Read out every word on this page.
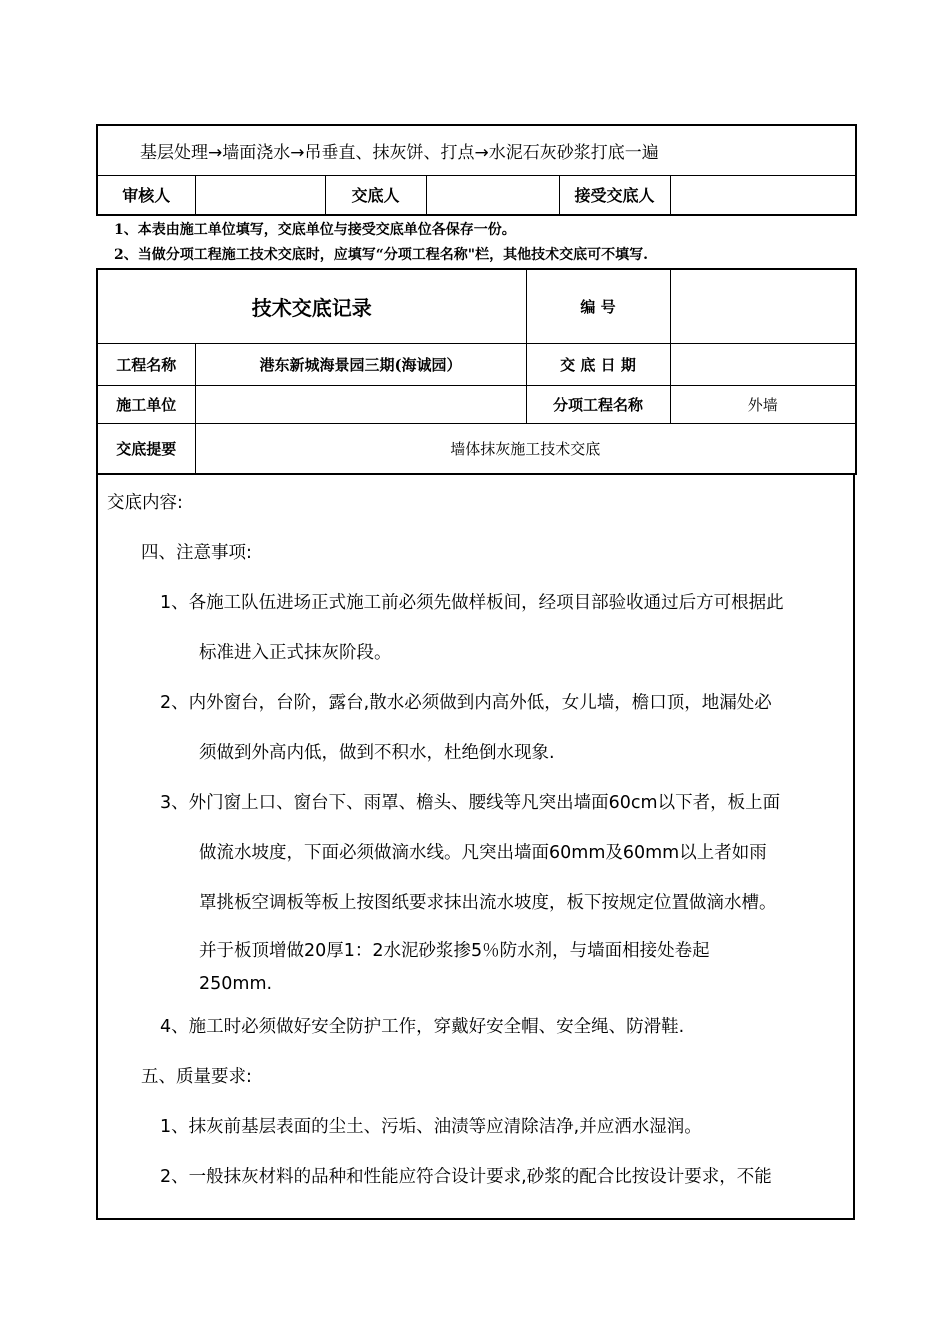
基层处理→墙面浇水→吊垂直、抹灰饼、打点→水泥石灰砂浆打底一遍
审核人		交底人		接受交底人	
1、本表由施工单位填写，交底单位与接受交底单位各保存一份。
2、当做分项工程施工技术交底时，应填写“分项工程名称"栏，其他技术交底可不填写.
技术交底记录		编 号	
工程名称	港东新城海景园三期(海诚园）	交 底 日 期	
施工单位		分项工程名称	外墙
交底提要	墙体抹灰施工技术交底		
交底内容:
四、注意事项:
1、各施工队伍进场正式施工前必须先做样板间，经项目部验收通过后方可根据此
标准进入正式抹灰阶段。
2、内外窗台，台阶，露台,散水必须做到内高外低，女儿墙，檐口顶，地漏处必
须做到外高内低，做到不积水，杜绝倒水现象.
3、外门窗上口、窗台下、雨罩、檐头、腰线等凡突出墙面60cm以下者，板上面
做流水坡度，下面必须做滴水线。凡突出墙面60mm及60mm以上者如雨
罩挑板空调板等板上按图纸要求抹出流水坡度，板下按规定位置做滴水槽。
并于板顶增做20厚1：2水泥砂浆掺5％防水剂，与墙面相接处卷起
250mm.
4、施工时必须做好安全防护工作，穿戴好安全帽、安全绳、防滑鞋.
五、质量要求:
1、抹灰前基层表面的尘土、污垢、油渍等应清除洁净,并应洒水湿润。
2、一般抹灰材料的品种和性能应符合设计要求,砂浆的配合比按设计要求，不能
